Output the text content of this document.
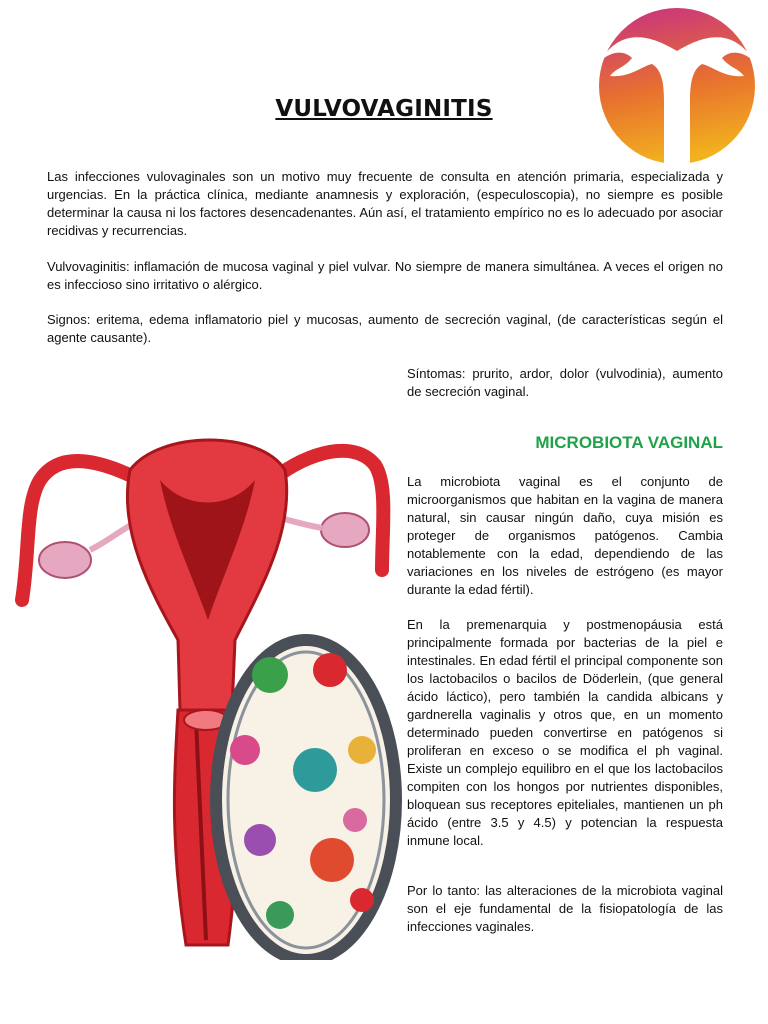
VULVOVAGINITIS

Las infecciones vulovaginales son un motivo muy frecuente de consulta en atención primaria, especializada y urgencias. En la práctica clínica, mediante anamnesis y exploración, (especuloscopia), no siempre es posible determinar la causa ni los factores desencadenantes. Aún así, el tratamiento empírico no es lo adecuado por asociar recidivas y recurrencias.

Vulvovaginitis: inflamación de mucosa vaginal y piel vulvar. No siempre de manera simultánea. A veces el origen no es infeccioso sino irritativo o alérgico.

Signos: eritema, edema inflamatorio piel y mucosas, aumento de secreción vaginal, (de características según el agente causante).

Síntomas: prurito, ardor, dolor (vulvodinia), aumento de secreción vaginal.

MICROBIOTA VAGINAL

La microbiota vaginal es el conjunto de microorganismos que habitan en la vagina de manera natural, sin causar ningún daño, cuya misión es proteger de organismos patógenos. Cambia notablemente con la edad, dependiendo de las variaciones en los niveles de estrógeno (es mayor durante la edad fértil).

En la premenarquia y postmenopáusia está principalmente formada por bacterias de la piel e intestinales. En edad fértil el principal componente son los lactobacilos o bacilos de Döderlein, (que general ácido láctico), pero también la candida albicans y gardnerella vaginalis y otros que, en un momento determinado pueden convertirse en patógenos si proliferan en exceso o se modifica el ph vaginal. Existe un complejo equilibro en el que los lactobacilos compiten con los hongos por nutrientes disponibles, bloquean sus receptores epiteliales, mantienen un ph ácido (entre 3.5 y 4.5) y potencian la respuesta inmune local.

Por lo tanto: las alteraciones de la microbiota vaginal son el eje fundamental de la fisiopatología de las infecciones vaginales.
